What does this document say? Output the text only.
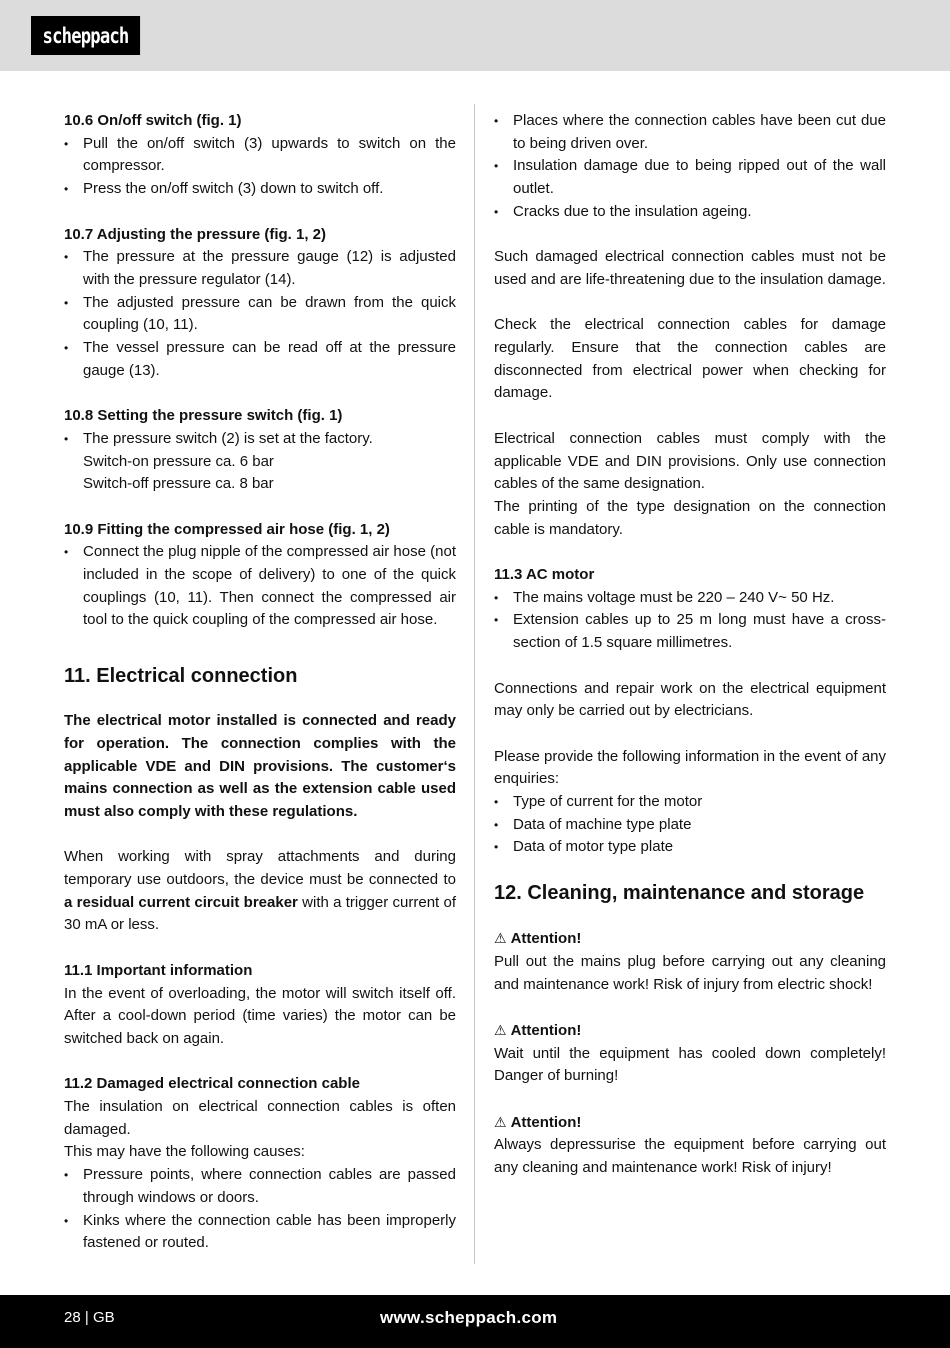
scheppach

10.6 On/off switch (fig. 1)

• Pull the on/off switch (3) upwards to switch on the compressor.
• Press the on/off switch (3) down to switch off.

10.7 Adjusting the pressure (fig. 1, 2)

• The pressure at the pressure gauge (12) is adjusted with the pressure regulator (14).
• The adjusted pressure can be drawn from the quick coupling (10, 11).
• The vessel pressure can be read off at the pressure gauge (13).

10.8 Setting the pressure switch (fig. 1)

• The pressure switch (2) is set at the factory.
Switch-on pressure ca. 6 bar
Switch-off pressure ca. 8 bar

10.9 Fitting the compressed air hose (fig. 1, 2)

• Connect the plug nipple of the compressed air hose (not included in the scope of delivery) to one of the quick couplings (10, 11). Then connect the compressed air tool to the quick coupling of the compressed air hose.

11. Electrical connection

The electrical motor installed is connected and ready for operation. The connection complies with the applicable VDE and DIN provisions. The customer‘s mains connection as well as the extension cable used must also comply with these regulations.

When working with spray attachments and during temporary use outdoors, the device must be connected to a residual current circuit breaker with a trigger current of 30 mA or less.

11.1 Important information

In the event of overloading, the motor will switch itself off. After a cool-down period (time varies) the motor can be switched back on again.

11.2 Damaged electrical connection cable

The insulation on electrical connection cables is often damaged.

This may have the following causes:

• Pressure points, where connection cables are passed through windows or doors.
• Kinks where the connection cable has been improperly fastened or routed.
• Places where the connection cables have been cut due to being driven over.
• Insulation damage due to being ripped out of the wall outlet.
• Cracks due to the insulation ageing.

Such damaged electrical connection cables must not be used and are life-threatening due to the insulation damage.

Check the electrical connection cables for damage regularly. Ensure that the connection cables are disconnected from electrical power when checking for damage.

Electrical connection cables must comply with the applicable VDE and DIN provisions. Only use connection cables of the same designation.

The printing of the type designation on the connection cable is mandatory.

11.3 AC motor

• The mains voltage must be 220 – 240 V~ 50 Hz.
• Extension cables up to 25 m long must have a cross-section of 1.5 square millimetres.

Connections and repair work on the electrical equipment may only be carried out by electricians.

Please provide the following information in the event of any enquiries:

• Type of current for the motor
• Data of machine type plate
• Data of motor type plate

12. Cleaning, maintenance and storage

⚠ Attention!

Pull out the mains plug before carrying out any cleaning and maintenance work! Risk of injury from electric shock!

⚠ Attention!

Wait until the equipment has cooled down completely! Danger of burning!

⚠ Attention!

Always depressurise the equipment before carrying out any cleaning and maintenance work! Risk of injury!

28 | GB	www.scheppach.com
